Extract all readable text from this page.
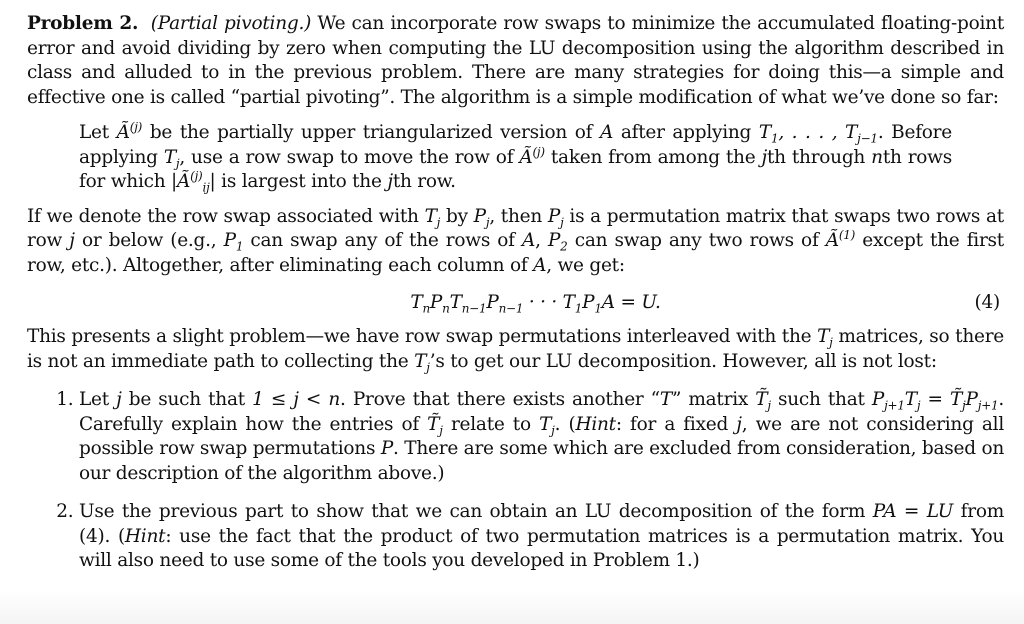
Problem 2. (Partial pivoting.) We can incorporate row swaps to minimize the accumulated floating-point error and avoid dividing by zero when computing the LU decomposition using the algorithm described in class and alluded to in the previous problem. There are many strategies for doing this—a simple and effective one is called “partial pivoting”. The algorithm is a simple modification of what we’ve done so far:

Let $Ã^{(j)}$ be the partially upper triangularized version of A after applying $T_1$, . . . , $T_{j-1}$. Before applying $T_j$, use a row swap to move the row of $Ã^{(j)}$ taken from among the jth through nth rows for which $|Ã^{(j)}_{ij}|$ is largest into the jth row.

If we denote the row swap associated with $T_j$ by $P_j$, then $P_j$ is a permutation matrix that swaps two rows at row j or below (e.g., $P_1$ can swap any of the rows of A, $P_2$ can swap any two rows of $Ã^{(1)}$ except the first row, etc.). Altogether, after eliminating each column of A, we get:

$T_nP_nT_{n-1}P_{n-1}$ · · · $T_1P_1A = U$.	(4)

This presents a slight problem—we have row swap permutations interleaved with the $T_j$ matrices, so there is not an immediate path to collecting the $T_j’s$ to get our LU decomposition. However, all is not lost:

1. Let j be such that 1 ≤ j < n. Prove that there exists another “T” matrix $T̃_j$ such that $P_{j+1}T_j$ = $T̃_jP_{j+1}$. Carefully explain how the entries of $T̃_j$ relate to $T_j$. (Hint: for a fixed j, we are not considering all possible row swap permutations P. There are some which are excluded from consideration, based on our description of the algorithm above.)
2. Use the previous part to show that we can obtain an LU decomposition of the form PA = LU from (4). (Hint: use the fact that the product of two permutation matrices is a permutation matrix. You will also need to use some of the tools you developed in Problem 1.)
